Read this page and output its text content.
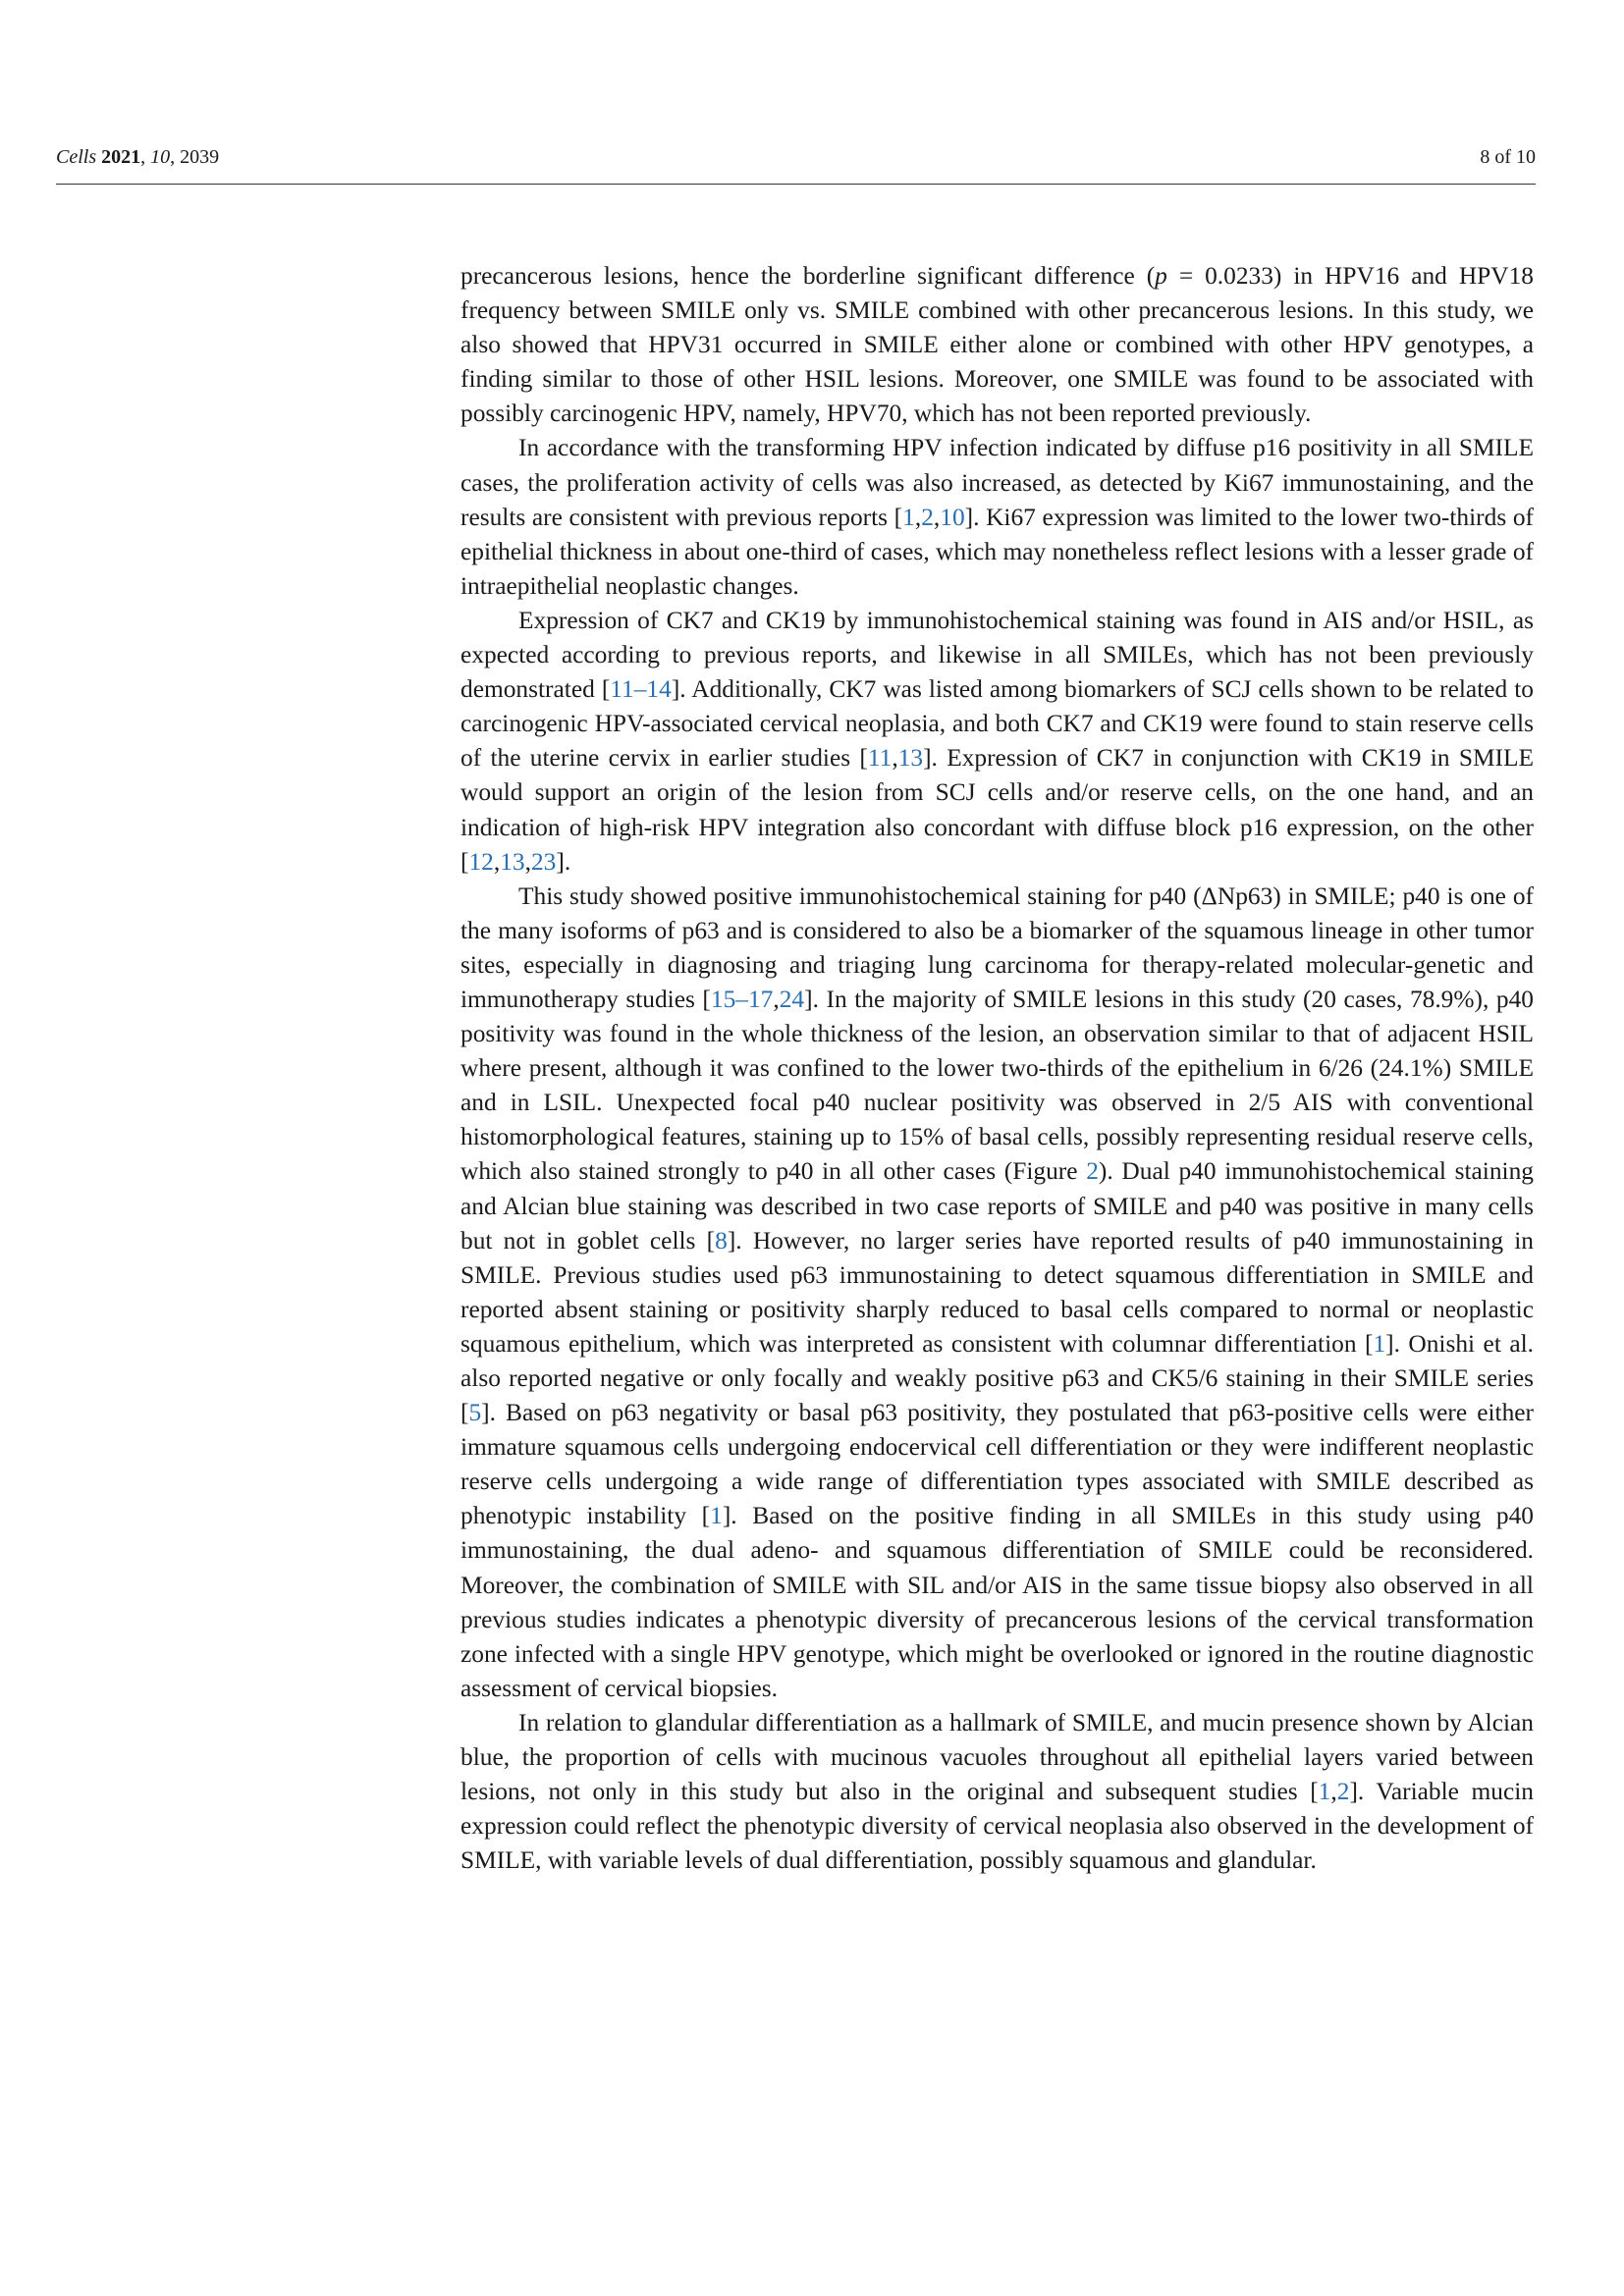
Cells 2021, 10, 2039	8 of 10

precancerous lesions, hence the borderline significant difference (p = 0.0233) in HPV16 and HPV18 frequency between SMILE only vs. SMILE combined with other precancerous lesions. In this study, we also showed that HPV31 occurred in SMILE either alone or combined with other HPV genotypes, a finding similar to those of other HSIL lesions. Moreover, one SMILE was found to be associated with possibly carcinogenic HPV, namely, HPV70, which has not been reported previously.

In accordance with the transforming HPV infection indicated by diffuse p16 positivity in all SMILE cases, the proliferation activity of cells was also increased, as detected by Ki67 immunostaining, and the results are consistent with previous reports [1,2,10]. Ki67 expression was limited to the lower two-thirds of epithelial thickness in about one-third of cases, which may nonetheless reflect lesions with a lesser grade of intraepithelial neoplastic changes.

Expression of CK7 and CK19 by immunohistochemical staining was found in AIS and/or HSIL, as expected according to previous reports, and likewise in all SMILEs, which has not been previously demonstrated [11–14]. Additionally, CK7 was listed among biomarkers of SCJ cells shown to be related to carcinogenic HPV-associated cervical neoplasia, and both CK7 and CK19 were found to stain reserve cells of the uterine cervix in earlier studies [11,13]. Expression of CK7 in conjunction with CK19 in SMILE would support an origin of the lesion from SCJ cells and/or reserve cells, on the one hand, and an indication of high-risk HPV integration also concordant with diffuse block p16 expression, on the other [12,13,23].

This study showed positive immunohistochemical staining for p40 (ΔNp63) in SMILE; p40 is one of the many isoforms of p63 and is considered to also be a biomarker of the squamous lineage in other tumor sites, especially in diagnosing and triaging lung carcinoma for therapy-related molecular-genetic and immunotherapy studies [15–17,24]. In the majority of SMILE lesions in this study (20 cases, 78.9%), p40 positivity was found in the whole thickness of the lesion, an observation similar to that of adjacent HSIL where present, although it was confined to the lower two-thirds of the epithelium in 6/26 (24.1%) SMILE and in LSIL. Unexpected focal p40 nuclear positivity was observed in 2/5 AIS with conventional histomorphological features, staining up to 15% of basal cells, possibly representing residual reserve cells, which also stained strongly to p40 in all other cases (Figure 2). Dual p40 immunohistochemical staining and Alcian blue staining was described in two case reports of SMILE and p40 was positive in many cells but not in goblet cells [8]. However, no larger series have reported results of p40 immunostaining in SMILE. Previous studies used p63 immunostaining to detect squamous differentiation in SMILE and reported absent staining or positivity sharply reduced to basal cells compared to normal or neoplastic squamous epithelium, which was interpreted as consistent with columnar differentiation [1]. Onishi et al. also reported negative or only focally and weakly positive p63 and CK5/6 staining in their SMILE series [5]. Based on p63 negativity or basal p63 positivity, they postulated that p63-positive cells were either immature squamous cells undergoing endocervical cell differentiation or they were indifferent neoplastic reserve cells undergoing a wide range of differentiation types associated with SMILE described as phenotypic instability [1]. Based on the positive finding in all SMILEs in this study using p40 immunostaining, the dual adeno- and squamous differentiation of SMILE could be reconsidered. Moreover, the combination of SMILE with SIL and/or AIS in the same tissue biopsy also observed in all previous studies indicates a phenotypic diversity of precancerous lesions of the cervical transformation zone infected with a single HPV genotype, which might be overlooked or ignored in the routine diagnostic assessment of cervical biopsies.

In relation to glandular differentiation as a hallmark of SMILE, and mucin presence shown by Alcian blue, the proportion of cells with mucinous vacuoles throughout all epithelial layers varied between lesions, not only in this study but also in the original and subsequent studies [1,2]. Variable mucin expression could reflect the phenotypic diversity of cervical neoplasia also observed in the development of SMILE, with variable levels of dual differentiation, possibly squamous and glandular.
